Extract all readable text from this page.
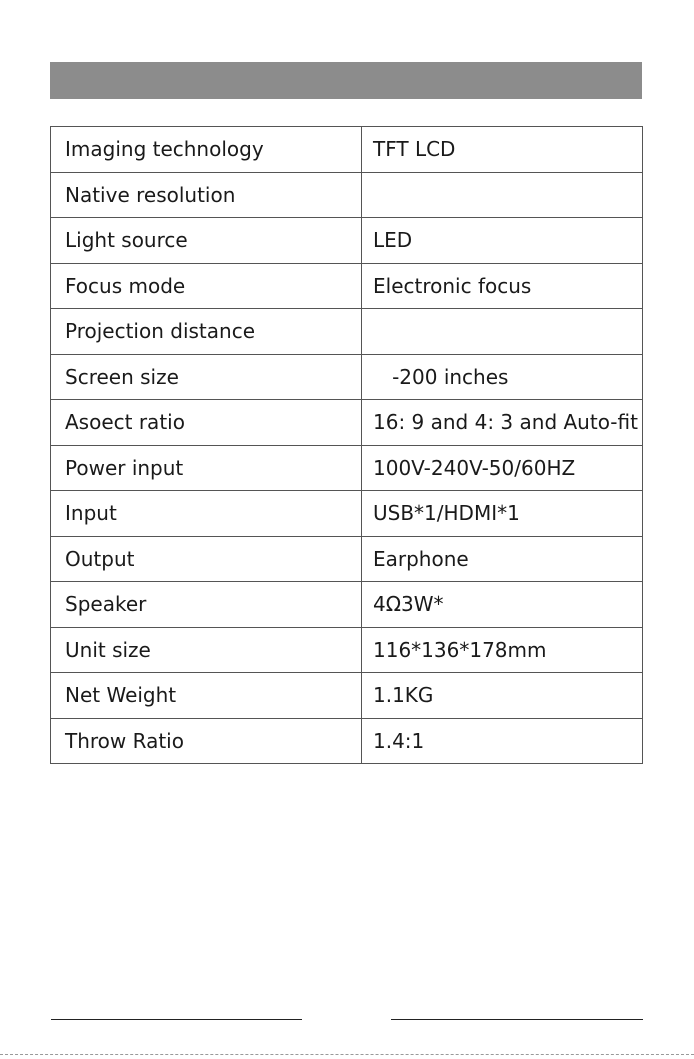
Imaging technology	TFT LCD
Native resolution	
Light source	LED
Focus mode	Electronic focus
Projection distance	
Screen size	-200 inches
Asoect ratio	16: 9 and 4: 3 and Auto-fit
Power input	100V-240V-50/60HZ
Input	USB*1/HDMI*1
Output	Earphone
Speaker	4Ω3W*
Unit size	116*136*178mm
Net Weight	1.1KG
Throw Ratio	1.4:1
